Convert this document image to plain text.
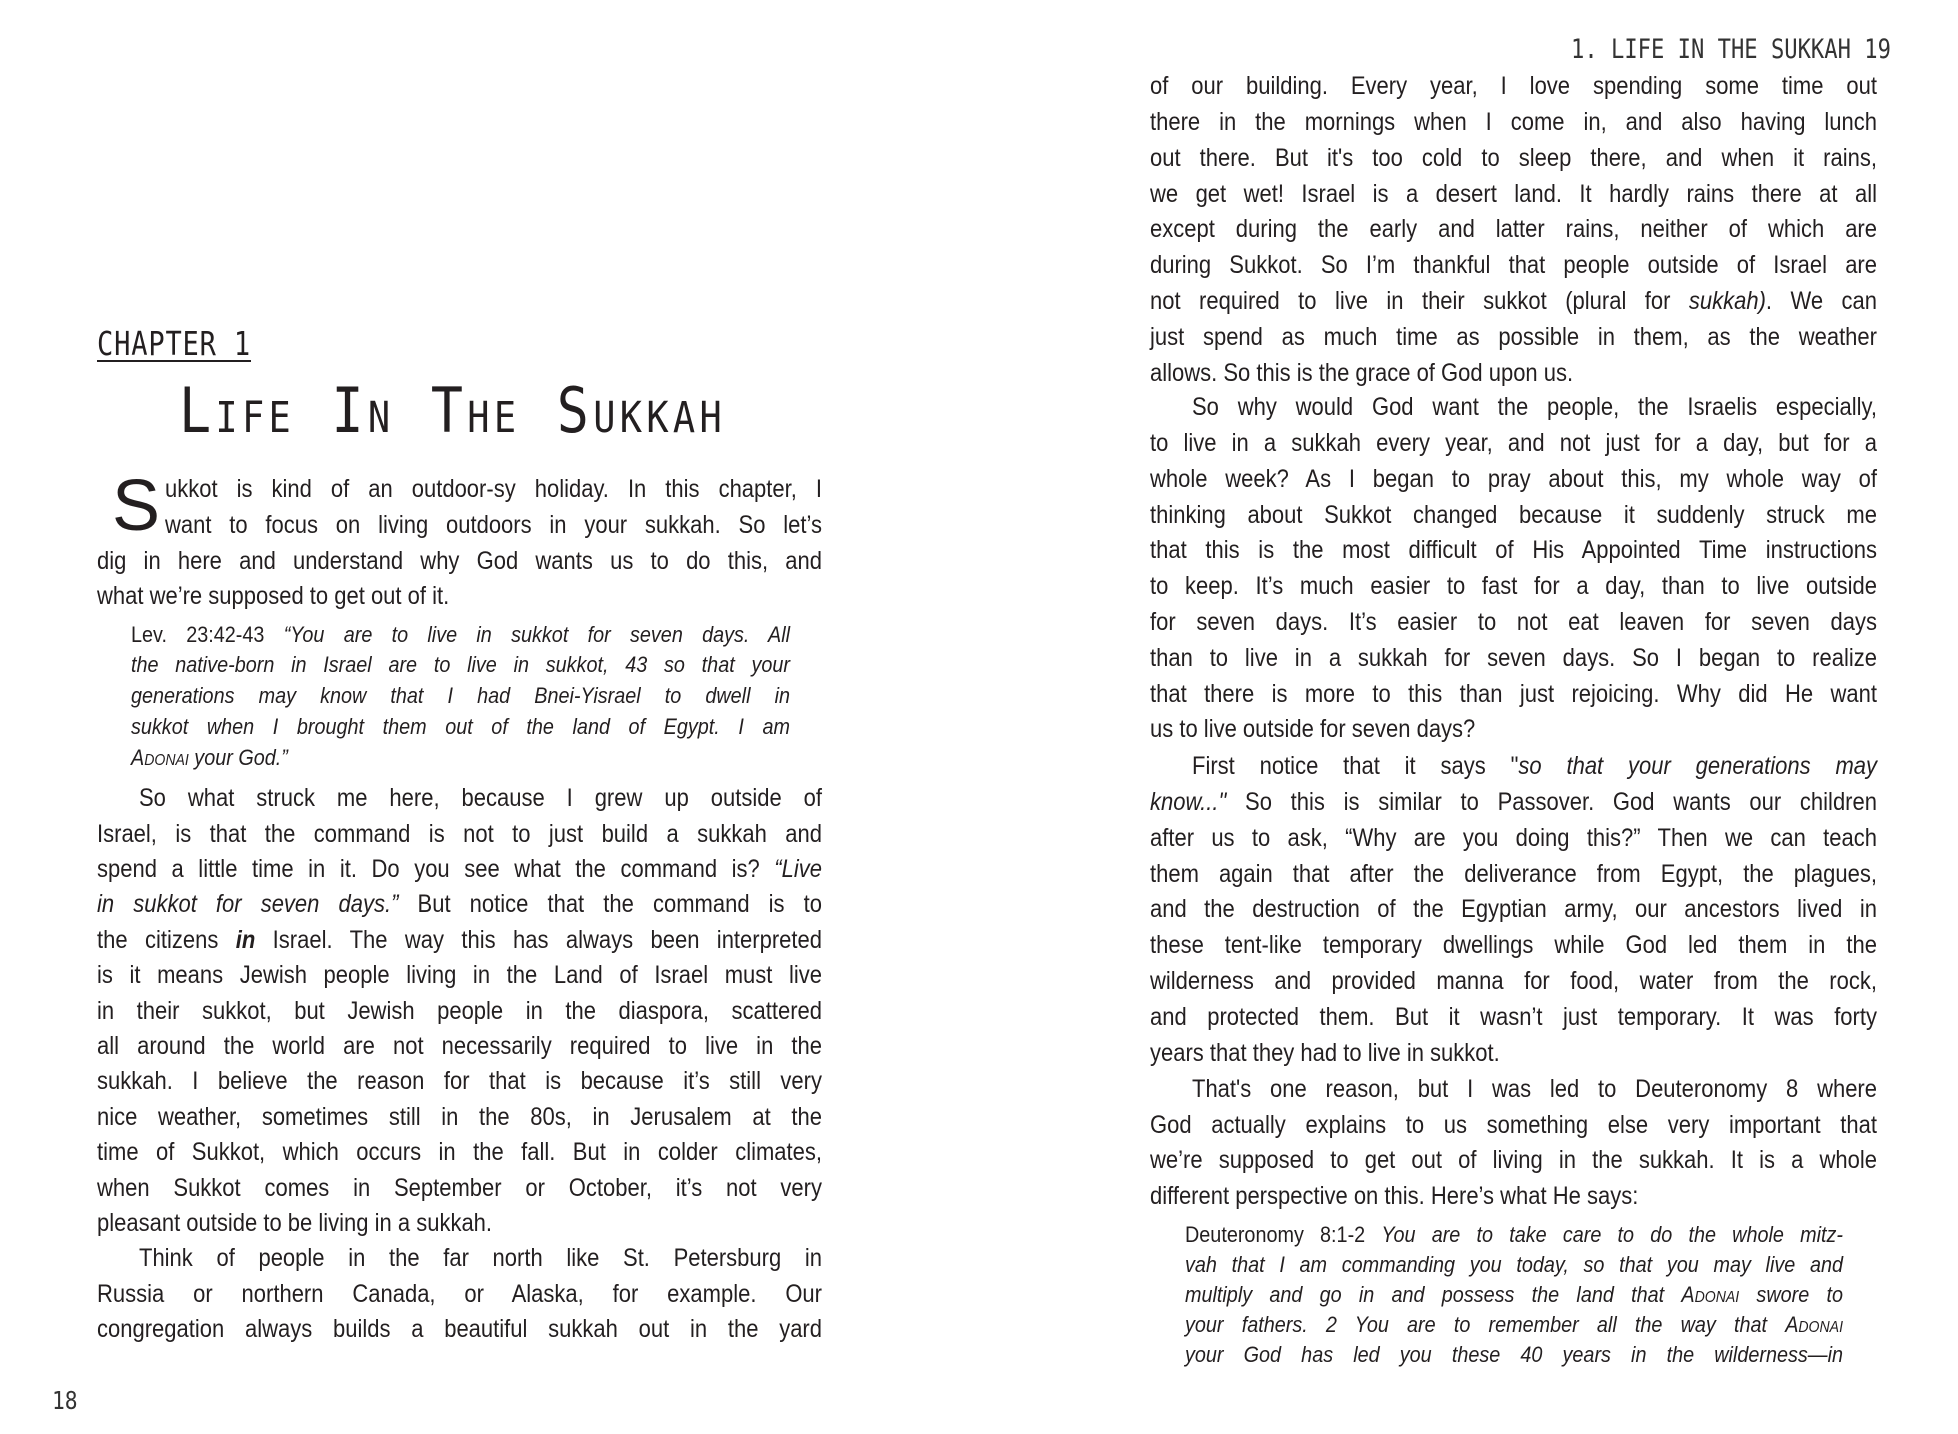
CHAPTER 1
Life In The Sukkah
S ukkot is kind of an outdoor-sy holiday. In this chapter, I
want to focus on living outdoors in your sukkah. So let’s
dig in here and understand why God wants us to do this, and
what we’re supposed to get out of it.
Lev. 23:42-43 “You are to live in sukkot for seven days. All
the native-born in Israel are to live in sukkot, 43 so that your
generations may know that I had Bnei-Yisrael to dwell in
sukkot when I brought them out of the land of Egypt. I am
Adonai your God.”
So what struck me here, because I grew up outside of
Israel, is that the command is not to just build a sukkah and
spend a little time in it. Do you see what the command is? “Live
in sukkot for seven days.” But notice that the command is to
the citizens in Israel. The way this has always been interpreted
is it means Jewish people living in the Land of Israel must live
in their sukkot, but Jewish people in the diaspora, scattered
all around the world are not necessarily required to live in the
sukkah. I believe the reason for that is because it’s still very
nice weather, sometimes still in the 80s, in Jerusalem at the
time of Sukkot, which occurs in the fall. But in colder climates,
when Sukkot comes in September or October, it’s not very
pleasant outside to be living in a sukkah.
Think of people in the far north like St. Petersburg in
Russia or northern Canada, or Alaska, for example. Our
congregation always builds a beautiful sukkah out in the yard
18
1. LIFE IN THE SUKKAH 19
of our building. Every year, I love spending some time out
there in the mornings when I come in, and also having lunch
out there. But it's too cold to sleep there, and when it rains,
we get wet! Israel is a desert land. It hardly rains there at all
except during the early and latter rains, neither of which are
during Sukkot. So I’m thankful that people outside of Israel are
not required to live in their sukkot (plural for sukkah). We can
just spend as much time as possible in them, as the weather
allows. So this is the grace of God upon us.
So why would God want the people, the Israelis especially,
to live in a sukkah every year, and not just for a day, but for a
whole week? As I began to pray about this, my whole way of
thinking about Sukkot changed because it suddenly struck me
that this is the most difficult of His Appointed Time instructions
to keep. It’s much easier to fast for a day, than to live outside
for seven days. It’s easier to not eat leaven for seven days
than to live in a sukkah for seven days. So I began to realize
that there is more to this than just rejoicing. Why did He want
us to live outside for seven days?
First notice that it says "so that your generations may
know..." So this is similar to Passover. God wants our children
after us to ask, “Why are you doing this?” Then we can teach
them again that after the deliverance from Egypt, the plagues,
and the destruction of the Egyptian army, our ancestors lived in
these tent-like temporary dwellings while God led them in the
wilderness and provided manna for food, water from the rock,
and protected them. But it wasn’t just temporary. It was forty
years that they had to live in sukkot.
That's one reason, but I was led to Deuteronomy 8 where
God actually explains to us something else very important that
we’re supposed to get out of living in the sukkah. It is a whole
different perspective on this. Here’s what He says:
Deuteronomy 8:1-2 You are to take care to do the whole mitz-
vah that I am commanding you today, so that you may live and
multiply and go in and possess the land that Adonai swore to
your fathers. 2 You are to remember all the way that Adonai
your God has led you these 40 years in the wilderness—in
